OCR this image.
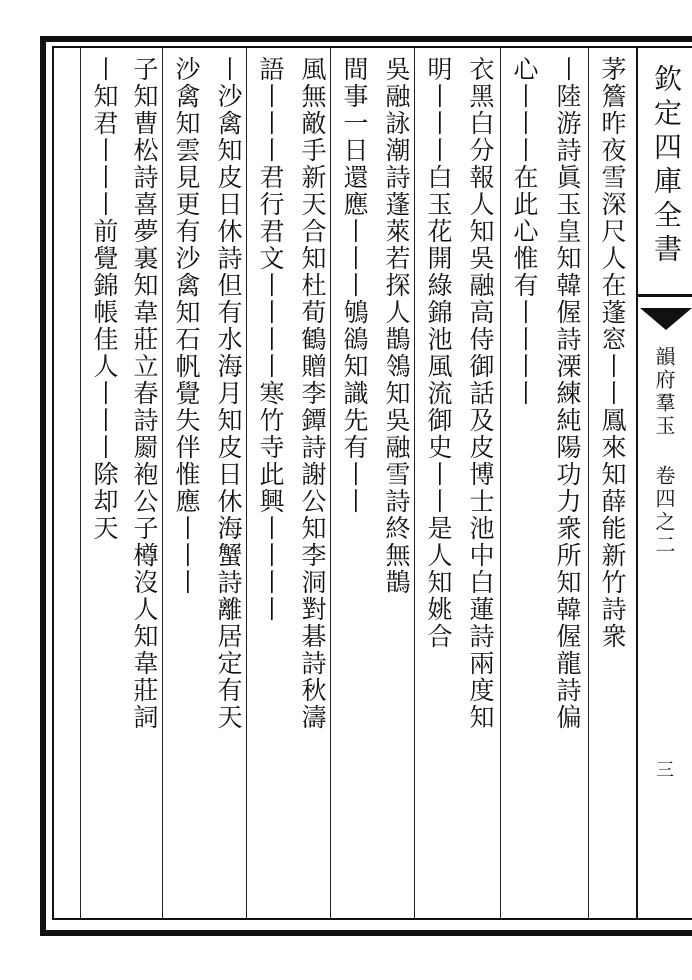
欽定四庫全書
韻府羣玉 卷四之二
三
茅簷昨夜雪深尺人在蓬窓丨丨鳳來知薛能新竹詩衆
丨陸游詩眞玉皇知韓偓詩溧練純陽功力衆所知韓偓龍詩偏
心丨丨丨在此心惟有丨丨丨丨
衣黑白分報人知吳融高侍御話及皮博士池中白蓮詩兩度知
明丨丨丨白玉花開綠錦池風流御史丨丨是人知姚合
吳融詠潮詩蓬萊若探人鵲鴒知吳融雪詩終無鵲
間事一日還應丨丨丨鴝鵒知識先有丨丨
風無敵手新天合知杜荀鶴贈李鐔詩謝公知李洞對碁詩秋濤
語丨丨丨君行君文丨丨丨丨寒竹寺此興丨丨丨丨
丨沙禽知皮日休詩但有水海月知皮日休海蟹詩離居定有天
沙禽知雲見更有沙禽知石帆覺失伴惟應丨丨丨
子知曹松詩喜夢裏知韋莊立春詩罽袍公子樽沒人知韋莊詞
丨知君丨丨丨前覺錦帳佳人丨丨丨除却天
